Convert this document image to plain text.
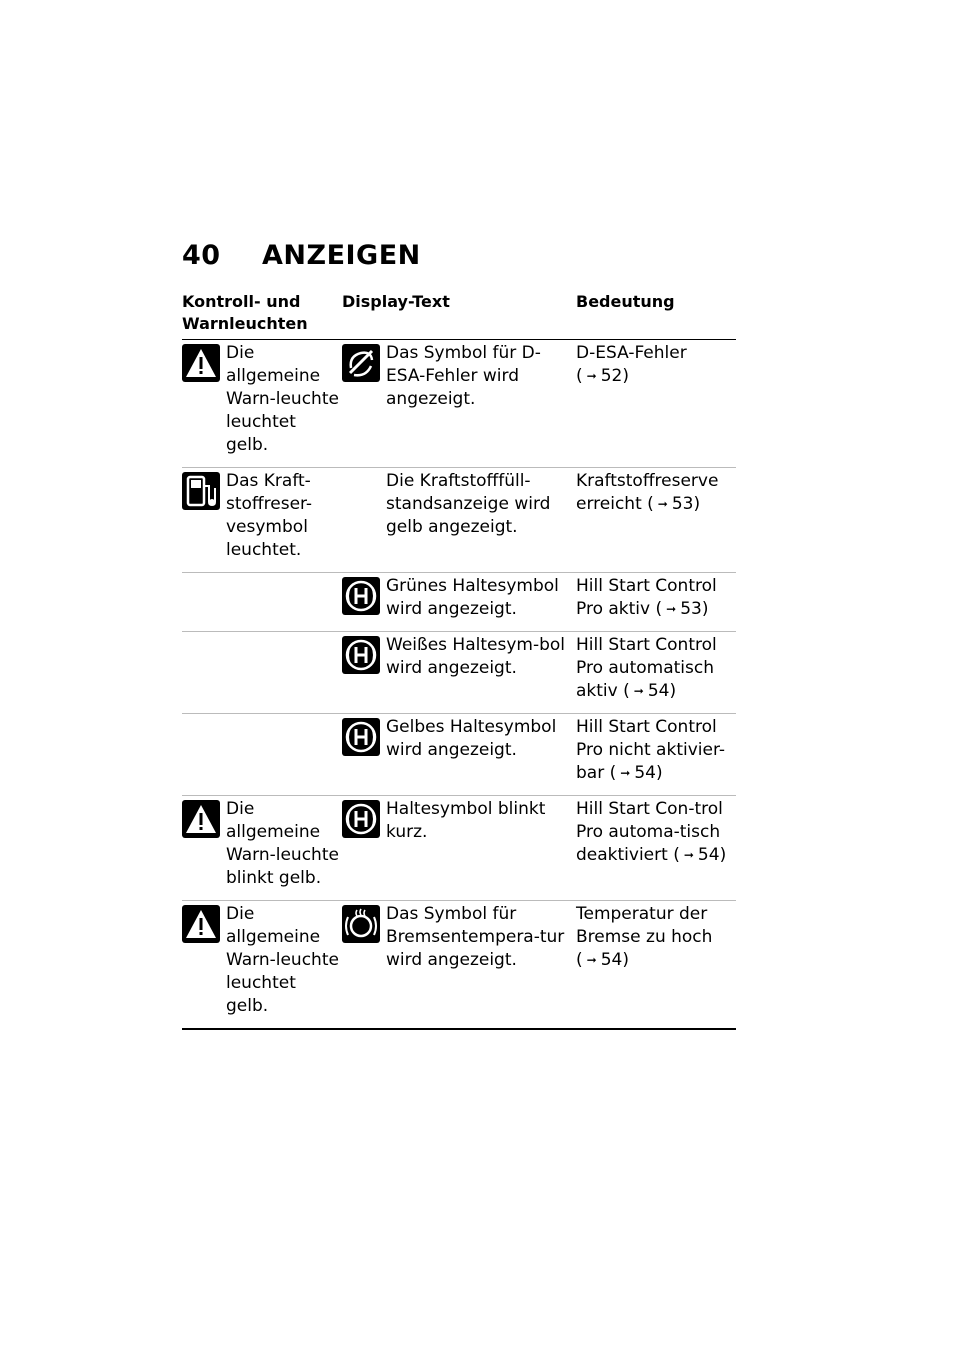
40 ANZEIGEN
Kontroll- und Warnleuchten	Display-Text	Bedeutung

Die allgemeine Warn-leuchte leuchtet gelb.	Das Symbol für D-ESA-Fehler wird angezeigt.	D-ESA-Fehler ( ➞ 52)

Das Kraft-stoffreser-vesymbol leuchtet.	Die Kraftstofffüll-standsanzeige wird gelb angezeigt.	Kraftstoffreserve erreicht ( ➞ 53)

	Grünes Haltesymbol wird angezeigt.	Hill Start Control Pro aktiv ( ➞ 53)

	Weißes Haltesym-bol wird angezeigt.	Hill Start Control Pro automatisch aktiv ( ➞ 54)

	Gelbes Haltesymbol wird angezeigt.	Hill Start Control Pro nicht aktivier-bar ( ➞ 54)

Die allgemeine Warn-leuchte blinkt gelb.	Haltesymbol blinkt kurz.	Hill Start Con-trol Pro automa-tisch deaktiviert ( ➞ 54)

Die allgemeine Warn-leuchte leuchtet gelb.	Das Symbol für Bremsentempera-tur wird angezeigt.	Temperatur der Bremse zu hoch ( ➞ 54)
